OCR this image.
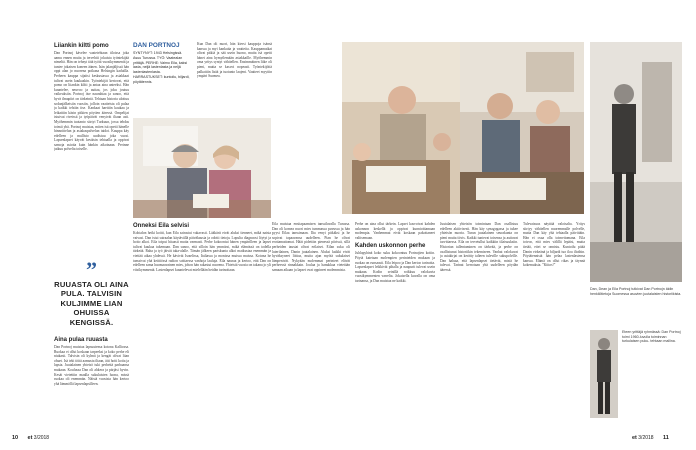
Liiankin kiltti pomo

Dan Portnoj kävelee vaatetehtaan tiloissa joka aamu ennen muita ja tervehtii jokaista työntekijää nimeltä. Hän on tehnyt tätä työtä vuosikymmeniä ja tuntee jokaisen koneen äänen. Isän jalanjäljissä hän oppi alan jo nuorena poikana Helsingin kaduilla. Perheen kauppa sijaitsi keskustassa ja asiakkaat tulivat usein kaukaakin. Työntekijät kertovat, että pomo on liiankin kiltti ja antaa aina anteeksi. Hän kuuntelee, neuvoo ja auttaa, jos joku joutuu vaikeuksiin. Portnoj itse naurahtaa ja sanoo, että hyvä ilmapiiri on tärkeintä. Tehtaan historia ulottuu sodanjälkeisiin vuosiin, jolloin vaatteista oli pulaa ja kaikki tehtiin itse. Kankaat haettiin kaukaa ja leikattiin käsin pitkien pöytien ääressä. Ompelijat istuivat riveissä ja työpäivät venyivät iltaan asti. Myöhemmin tuotanto siirtyi Turkuun, jossa tehdas toimii yhä. Portnoj muistaa, miten isä opetti hänelle hinnoittelun ja asiakaspalvelun taidot. Kauppa käy edelleen ja mallisto uudistuu joka vuosi. Lapsenlapset käyvät kesäisin tehtaalla ja oppivat samoja asioita kuin hänkin aikoinaan. Perinne jatkuu polvelta toiselle.

”
RUUASTA OLI AINA PULA. TALVISIN KULJIMME LIAN OHUISSA KENGISSÄ.
Aina pulaa ruuasta

Dan Portnoj muistaa lapsuutensa kotona Kalliossa. Ruokaa ei ollut koskaan tarpeeksi ja koko perhe eli niukasti. Talvisin oli kylmä ja kengät olivat liian ohuet. Isä teki töitä aamusta iltaan, äiti hoiti kotia ja lapsia. Juutalainen yhteisö tuki perheitä parhaansa mukaan. Koulussa Dan oli ahkera ja pärjäsi hyvin. Kesät vietettiin maalla sukulaisten luona, missä ruokaa oli enemmän. Näistä vuosista hän kertoo yhä lämmöllä lapsenlapsilleen.

DAN PORTNOJ
SYNTYNYT: 1943 Helsingissä. Asuu Turussa. TYÖ: Vaatealan yrittäjä. PERHE: Vaimo Eila, kaksi lasta, neljä lastenlasta ja neljä lastenlastenlasta. HARRASTUKSET: kuntoilu, biljardi, pöytätennis.
Onneksi Eila selvisi

Kohtalon hetki koitti, kun Eila sairastui vakavasti. Lääkärit eivät aluksi tienneet, mikä naista vaivasi. Dan istui sairaalan käytävällä päiväkausia ja odotti tietoja. Lopulta diagnoosi löytyi ja hoito alkoi. Eila toipui hitaasti mutta varmasti. Perhe kokoontui hänen ympärilleen ja lapset tulivat kaukaa tukemaan. Dan sanoo, että silloin hän ymmärsi, mikä elämässä on todella tärkeää. Raha ja työ jäivät taka-alalle. Tämän jälkeen pariskunta alkoi matkustaa enemmän ja viettää aikaa yhdessä. He kävivät Israelissa, Italiassa ja monissa muissa maissa. Kotona he tanssivat yhä keittiössä radion soittaessa vanhoja lauluja. Eila nauraa ja kertoo, että Dan on edelleen sama huomaavainen mies, johon hän rakastui nuorena. Yhteisiä vuosia on takana jo yli viisikymmentä. Lastenlapset kuuntelevat mielellään heidän tarinoitaan.

Kun Dan oli nuori, hän kiersi kauppoja isänsä kanssa ja myi kankaita ja vaatteita. Kauppamatkat olivat pitkiä ja sää usein huono, mutta isä opetti hänet aina hymyilemään asiakkaille. Myöhemmin oma yritys syntyi vähitellen. Ensimmäinen liike oli pieni, mutta se kasvoi nopeasti. Työntekijöitä palkattiin lisää ja tuotanto laajeni. Vaatteet myytiin ympäri Suomea.

10 et 3/2018

Eila muistaa ensitapaamisen tanssilavalla Turussa. Dan oli komea nuori mies tummassa puvussa ja hän pyysi Eilaa tanssimaan. Ilta venyi pitkäksi ja he sopivat tapaavansa uudelleen. Pian he olivat erottamattomat. Häät pidettiin pienessä piirissä, sillä perheiden taustat olivat erilaiset. Eilan suku oli luterilainen, Danin juutalainen. Aluksi kaikki eivät hyväksyneet liittoa, mutta ajan myötä sukulaiset lämpenivät. Nykyään molemmat perinteet elävät perheessä rinnakkain. Joulua ja hanukkaa vietetään samaan aikaan ja lapset ovat oppineet molemmista.

Perhe on aina ollut tärkein. Lapset kasvoivat kahden uskonnon keskellä ja oppivat kunnioittamaan molempia. Vanhemmat eivät koskaan pakottaneet valitsemaan.

Kahden uskonnon perhe

Juhlapyhinä koko suku kokoontuu Portnojien kotiin. Pöytä katetaan molempien perinteiden mukaan ja ruokaa on runsaasti. Eila leipoo ja Dan kertoo tarinoita. Lapsenlapset leikkivät pihalla ja naapurit tulevat usein mukaan. Kodin seinillä roikkuu valokuvia vuosikymmenten varrelta. Jokaisella kuvalla on oma tarinansa, ja Dan muistaa ne kaikki.

Juutalaisen yhteisön toimintaan Dan osallistuu edelleen aktiivisesti. Hän käy synagogassa ja tukee yhteisön nuoria. Turun juutalainen seurakunta on pieni mutta tiivis. Kaikki tuntevat toisensa ja auttavat tarvittaessa. Eila on tervetullut kaikkiin tilaisuuksiin. Historian tallentaminen on tärkeää, ja perhe on osallistunut historiikin tekemiseen. Vanhat valokuvat ja asiakirjat on kerätty talteen tuleville sukupolville. Dan haluaa, että lapsenlapset tietävät, mistä he tulevat. Tarinat kerrotaan yhä uudelleen pöydän ääressä.

Tulevaisuus näyttää valoisalta. Yritys siirtyy vähitellen nuoremmalle polvelle, mutta Dan käy yhä tehtaalla päivittäin. Hän ei osaa olla toimettomana. Eila toivoo, että mies välillä lepäisi, mutta tietää, ettei se onnistu. Kuntoilu pitää Danin virkeänä ja biljardi tuo iloa iltoihin. Pöytätennistä hän pelaa lastenlastensa kanssa. Elämä on ollut rikas ja täynnä kokemuksia. ”Kiitos!”

Dan, Dean ja Eila Portnoj tutkivat Dan Portnojn äidin henkilötietoja Suomessa asuvien juutalaisten historiikista.
Eteen yrittäjä ryhmässä: Dan Portnoj toimi 1960-luvulla toiminnan turkulaisen puku- tehtaan mallina.
et 3/2018 11
